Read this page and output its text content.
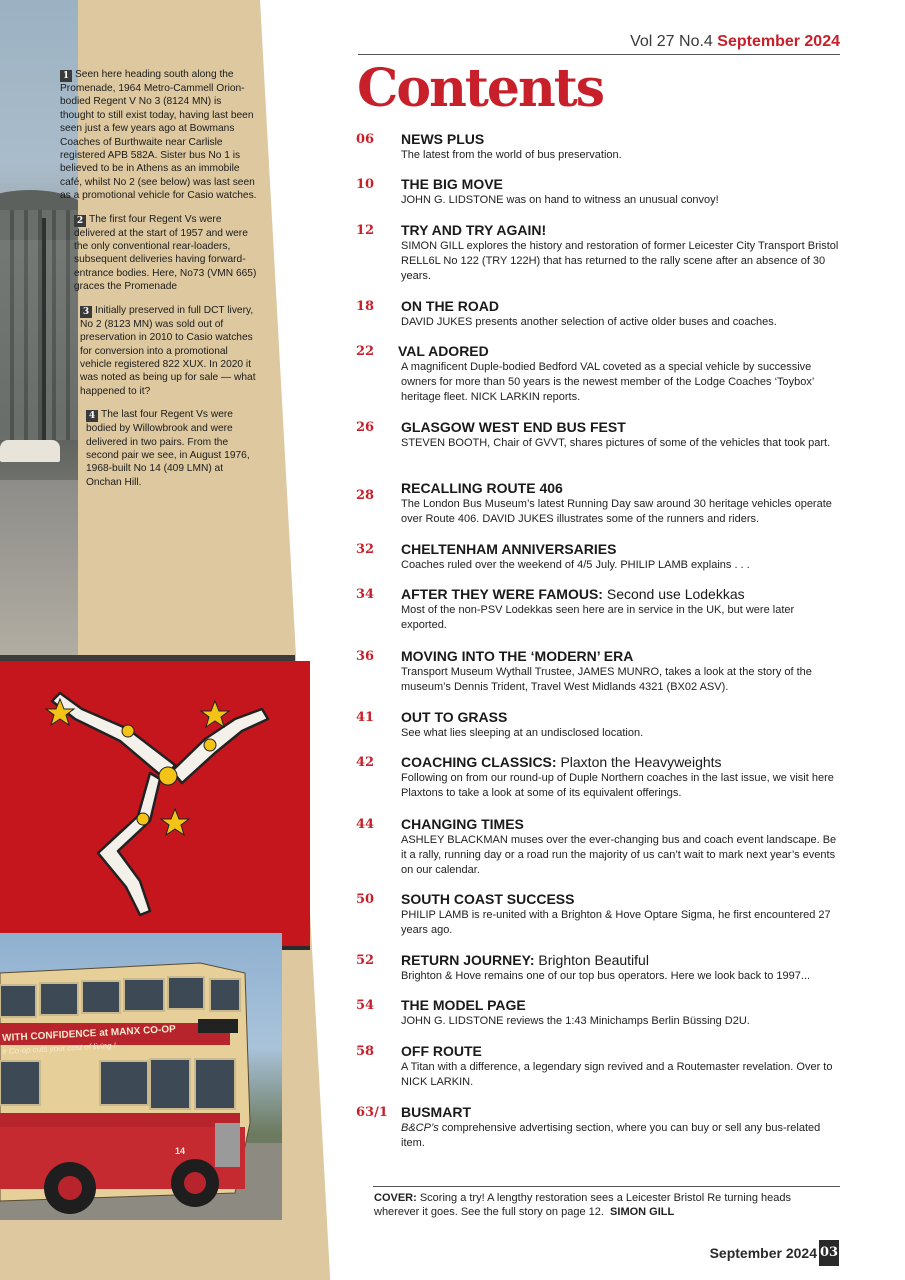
WITH CONFIDENCE at MANX CO-OP
e Co-op cuts your cost of living !
14
1 Seen here heading south along the Promenade, 1964 Metro-Cammell Orion-bodied Regent V No 3 (8124 MN) is thought to still exist today, having last been seen just a few years ago at Bowmans Coaches of Burthwaite near Carlisle registered APB 582A. Sister bus No 1 is believed to be in Athens as an immobile café, whilst No 2 (see below) was last seen as a promotional vehicle for Casio watches.
2 The first four Regent Vs were delivered at the start of 1957 and were the only conventional rear-loaders, subsequent deliveries having forward-entrance bodies. Here, No73 (VMN 665) graces the Promenade
3 Initially preserved in full DCT livery, No 2 (8123 MN) was sold out of preservation in 2010 to Casio watches for conversion into a promotional vehicle registered 822 XUX. In 2020 it was noted as being up for sale — what happened to it?
4 The last four Regent Vs were bodied by Willowbrook and were delivered in two pairs. From the second pair we see, in August 1976, 1968-built No 14 (409 LMN) at Onchan Hill.
Vol 27 No.4 September 2024
Contents
06 NEWS PLUS
The latest from the world of bus preservation.
10 THE BIG MOVE
JOHN G. LIDSTONE was on hand to witness an unusual convoy!
12 TRY AND TRY AGAIN!
SIMON GILL explores the history and restoration of former Leicester City Transport Bristol RELL6L No 122 (TRY 122H) that has returned to the rally scene after an absence of 30 years.
18 ON THE ROAD
DAVID JUKES presents another selection of active older buses and coaches.
22 VAL ADORED
A magnificent Duple-bodied Bedford VAL coveted as a special vehicle by successive owners for more than 50 years is the newest member of the Lodge Coaches ‘Toybox’ heritage fleet. NICK LARKIN reports.
26 GLASGOW WEST END BUS FEST
STEVEN BOOTH, Chair of GVVT, shares pictures of some of the vehicles that took part.
28 RECALLING ROUTE 406
The London Bus Museum’s latest Running Day saw around 30 heritage vehicles operate over Route 406. DAVID JUKES illustrates some of the runners and riders.
32 CHELTENHAM ANNIVERSARIES
Coaches ruled over the weekend of 4/5 July. PHILIP LAMB explains . . .
34 AFTER THEY WERE FAMOUS: Second use Lodekkas
Most of the non-PSV Lodekkas seen here are in service in the UK, but were later exported.
36 MOVING INTO THE ‘MODERN’ ERA
Transport Museum Wythall Trustee, JAMES MUNRO, takes a look at the story of the museum’s Dennis Trident, Travel West Midlands 4321 (BX02 ASV).
41 OUT TO GRASS
See what lies sleeping at an undisclosed location.
42 COACHING CLASSICS: Plaxton the Heavyweights
Following on from our round-up of Duple Northern coaches in the last issue, we visit here Plaxtons to take a look at some of its equivalent offerings.
44 CHANGING TIMES
ASHLEY BLACKMAN muses over the ever-changing bus and coach event landscape. Be it a rally, running day or a road run the majority of us can’t wait to mark next year’s events on our calendar.
50 SOUTH COAST SUCCESS
PHILIP LAMB is re-united with a Brighton & Hove Optare Sigma, he first encountered 27 years ago.
52 RETURN JOURNEY: Brighton Beautiful
Brighton & Hove remains one of our top bus operators. Here we look back to 1997...
54 THE MODEL PAGE
JOHN G. LIDSTONE reviews the 1:43 Minichamps Berlin Büssing D2U.
58 OFF ROUTE
A Titan with a difference, a legendary sign revived and a Routemaster revelation. Over to NICK LARKIN.
63/1 BUSMART
B&CP’s comprehensive advertising section, where you can buy or sell any bus-related item.
COVER: Scoring a try! A lengthy restoration sees a Leicester Bristol Re turning heads wherever it goes. See the full story on page 12. SIMON GILL
September 2024 03
